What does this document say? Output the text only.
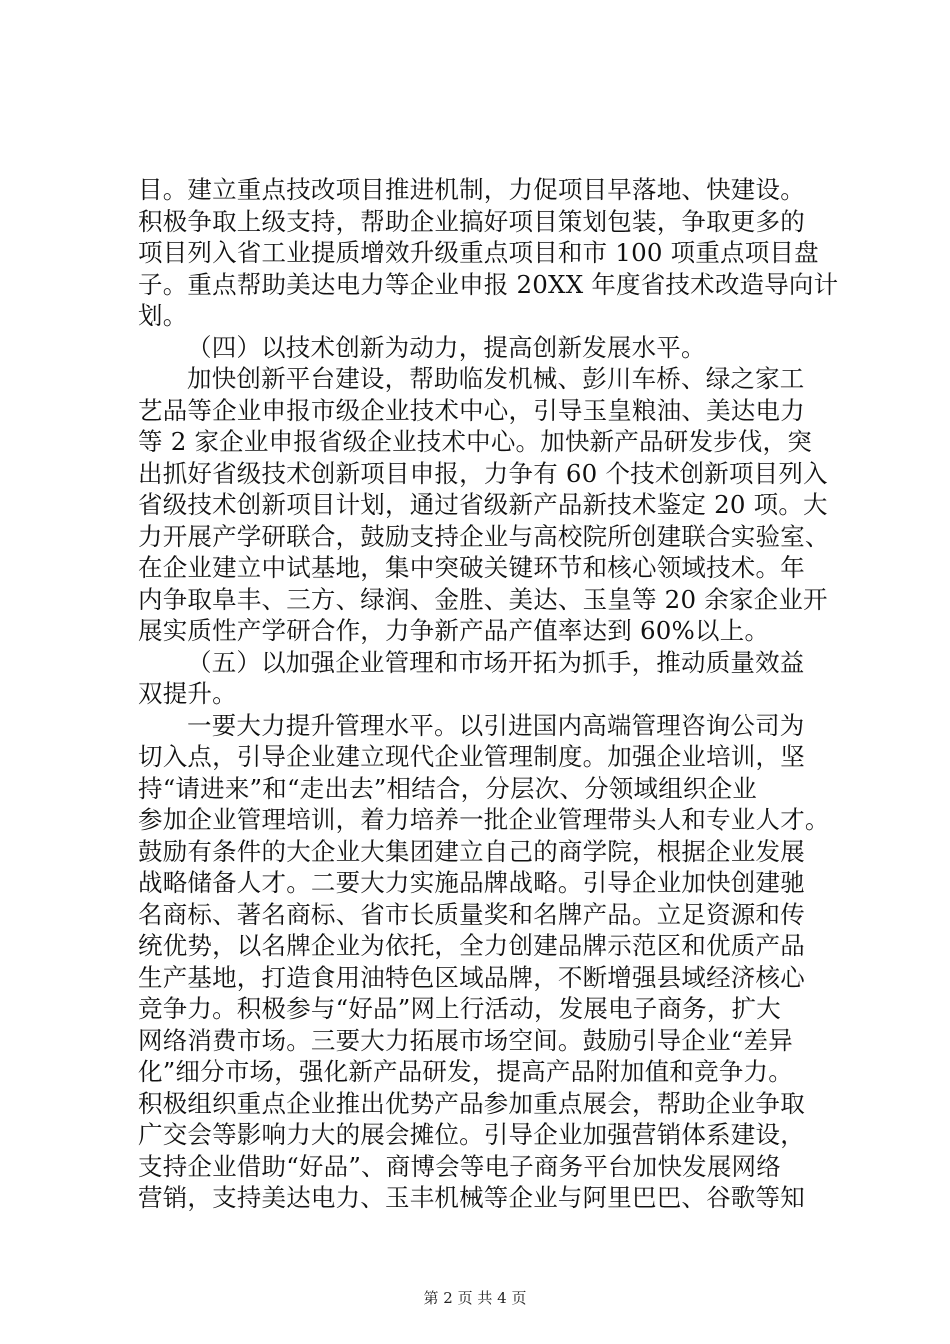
目。建立重点技改项目推进机制，力促项目早落地、快建设。
积极争取上级支持，帮助企业搞好项目策划包装，争取更多的
项目列入省工业提质增效升级重点项目和市 100 项重点项目盘
子。重点帮助美达电力等企业申报 20XX 年度省技术改造导向计
划。
（四）以技术创新为动力，提高创新发展水平。
加快创新平台建设，帮助临发机械、彭川车桥、绿之家工
艺品等企业申报市级企业技术中心，引导玉皇粮油、美达电力
等 2 家企业申报省级企业技术中心。加快新产品研发步伐，突
出抓好省级技术创新项目申报，力争有 60 个技术创新项目列入
省级技术创新项目计划，通过省级新产品新技术鉴定 20 项。大
力开展产学研联合，鼓励支持企业与高校院所创建联合实验室、
在企业建立中试基地，集中突破关键环节和核心领域技术。年
内争取阜丰、三方、绿润、金胜、美达、玉皇等 20 余家企业开
展实质性产学研合作，力争新产品产值率达到 60%以上。
（五）以加强企业管理和市场开拓为抓手，推动质量效益
双提升。
一要大力提升管理水平。以引进国内高端管理咨询公司为
切入点，引导企业建立现代企业管理制度。加强企业培训，坚
持“请进来”和“走出去”相结合，分层次、分领域组织企业
参加企业管理培训，着力培养一批企业管理带头人和专业人才。
鼓励有条件的大企业大集团建立自己的商学院，根据企业发展
战略储备人才。二要大力实施品牌战略。引导企业加快创建驰
名商标、著名商标、省市长质量奖和名牌产品。立足资源和传
统优势，以名牌企业为依托，全力创建品牌示范区和优质产品
生产基地，打造食用油特色区域品牌，不断增强县域经济核心
竞争力。积极参与“好品”网上行活动，发展电子商务，扩大
网络消费市场。三要大力拓展市场空间。鼓励引导企业“差异
化”细分市场，强化新产品研发，提高产品附加值和竞争力。
积极组织重点企业推出优势产品参加重点展会，帮助企业争取
广交会等影响力大的展会摊位。引导企业加强营销体系建设，
支持企业借助“好品”、商博会等电子商务平台加快发展网络
营销，支持美达电力、玉丰机械等企业与阿里巴巴、谷歌等知
第 2 页 共 4 页
